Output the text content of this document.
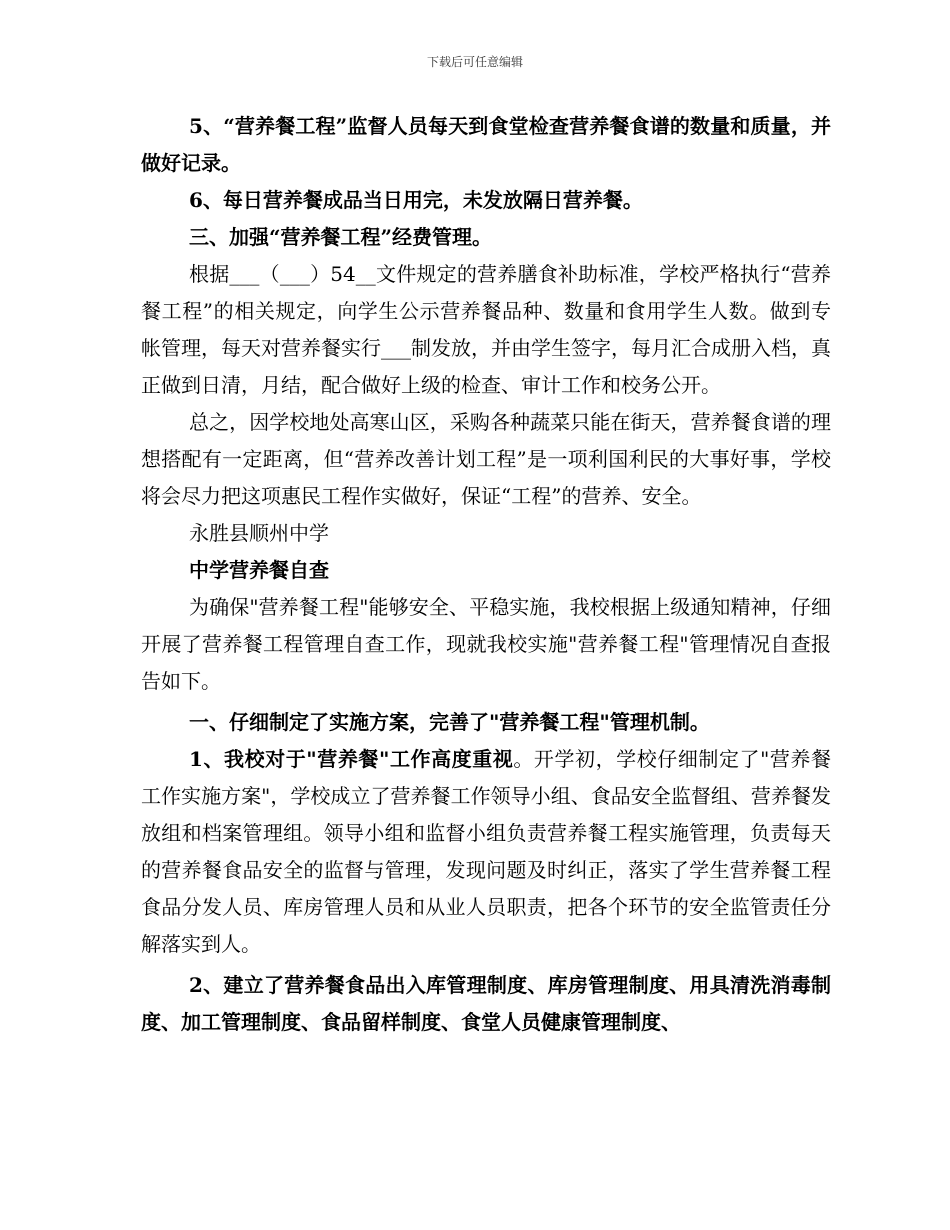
下载后可任意编辑

5、“营养餐工程”监督人员每天到食堂检查营养餐食谱的数量和质量，并做好记录。

6、每日营养餐成品当日用完，未发放隔日营养餐。

三、加强“营养餐工程”经费管理。

根据___（___）54__文件规定的营养膳食补助标准，学校严格执行“营养餐工程”的相关规定，向学生公示营养餐品种、数量和食用学生人数。做到专帐管理，每天对营养餐实行___制发放，并由学生签字，每月汇合成册入档，真正做到日清，月结，配合做好上级的检查、审计工作和校务公开。

总之，因学校地处高寒山区，采购各种蔬菜只能在街天，营养餐食谱的理想搭配有一定距离，但“营养改善计划工程”是一项利国利民的大事好事，学校将会尽力把这项惠民工程作实做好，保证“工程”的营养、安全。

永胜县顺州中学

中学营养餐自查

为确保"营养餐工程"能够安全、平稳实施，我校根据上级通知精神，仔细开展了营养餐工程管理自查工作，现就我校实施"营养餐工程"管理情况自查报告如下。

一、仔细制定了实施方案，完善了"营养餐工程"管理机制。

1、我校对于"营养餐"工作高度重视。开学初，学校仔细制定了"营养餐工作实施方案"，学校成立了营养餐工作领导小组、食品安全监督组、营养餐发放组和档案管理组。领导小组和监督小组负责营养餐工程实施管理，负责每天的营养餐食品安全的监督与管理，发现问题及时纠正，落实了学生营养餐工程食品分发人员、库房管理人员和从业人员职责，把各个环节的安全监管责任分解落实到人。

2、建立了营养餐食品出入库管理制度、库房管理制度、用具清洗消毒制度、加工管理制度、食品留样制度、食堂人员健康管理制度、
